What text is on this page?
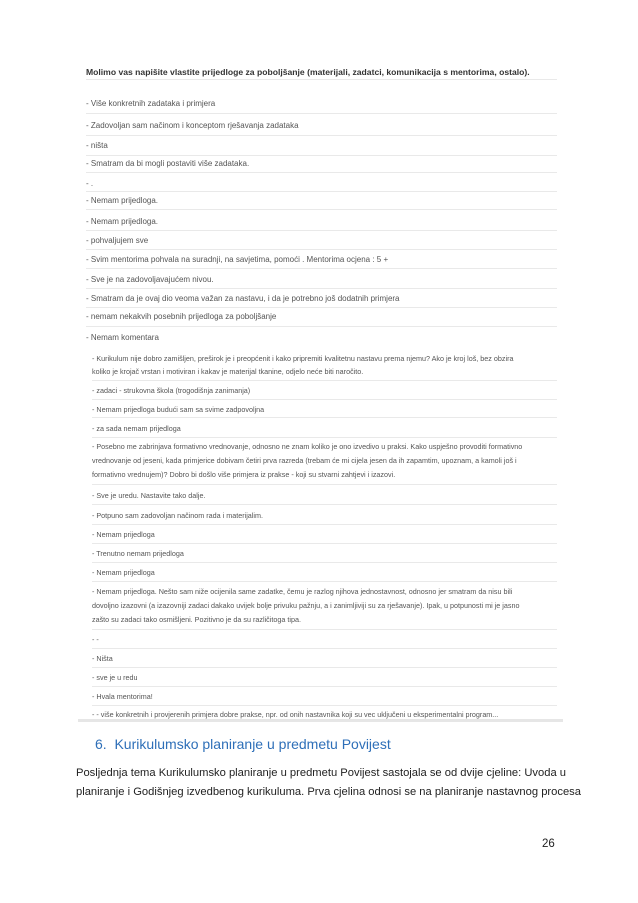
Molimo vas napišite vlastite prijedloge za poboljšanje (materijali, zadatci, komunikacija s mentorima, ostalo).
- Više konkretnih zadataka i primjera
- Zadovoljan sam načinom i konceptom rješavanja zadataka
- ništa
- Smatram da bi mogli postaviti više zadataka.
- .
- Nemam prijedloga.
- Nemam prijedloga.
- pohvaljujem sve
- Svim mentorima pohvala na suradnji, na savjetima, pomoći . Mentorima ocjena : 5 +
- Sve je na zadovoljavajućem nivou.
- Smatram da je ovaj dio veoma važan za nastavu, i da je potrebno još dodatnih primjera
- nemam nekakvih posebnih prijedloga za poboljšanje
- Nemam komentara
- Kurikulum nije dobro zamišljen, preširok je i preopćenit i kako pripremiti kvalitetnu nastavu prema njemu? Ako je kroj loš, bez obzira
koliko je krojač vrstan i motiviran i kakav je materijal tkanine, odjelo neće biti naročito.
- zadaci - strukovna škola (trogodišnja zanimanja)
- Nemam prijedloga budući sam sa svime zadpovoljna
- za sada nemam prijedloga
- Posebno me zabrinjava formativno vrednovanje, odnosno ne znam koliko je ono izvedivo u praksi. Kako uspješno provoditi formativno
vrednovanje od jeseni, kada primjerice dobivam četiri prva razreda (trebam će mi cijela jesen da ih zapamtim, upoznam, a kamoli još i
formativno vrednujem)? Dobro bi došlo više primjera iz prakse - koji su stvarni zahtjevi i izazovi.
- Sve je uredu. Nastavite tako dalje.
- Potpuno sam zadovoljan načinom rada i materijalim.
- Nemam prijedloga
- Trenutno nemam prijedloga
- Nemam prijedloga
- Nemam prijedloga. Nešto sam niže ocijenila same zadatke, čemu je razlog njihova jednostavnost, odnosno jer smatram da nisu bili
dovoljno izazovni (a izazovniji zadaci dakako uvijek bolje privuku pažnju, a i zanimljiviji su za rješavanje). Ipak, u potpunosti mi je jasno
zašto su zadaci tako osmišljeni. Pozitivno je da su različitoga tipa.
- -
- Ništa
- sve je u redu
- Hvala mentorima!
- - više konkretnih i provjerenih primjera dobre prakse, npr. od onih nastavnika koji su vec uključeni u eksperimentalni program...
6. Kurikulumsko planiranje u predmetu Povijest
Posljednja tema Kurikulumsko planiranje u predmetu Povijest sastojala se od dvije cjeline: Uvoda u
planiranje i Godišnjeg izvedbenog kurikuluma. Prva cjelina odnosi se na planiranje nastavnog procesa
26
